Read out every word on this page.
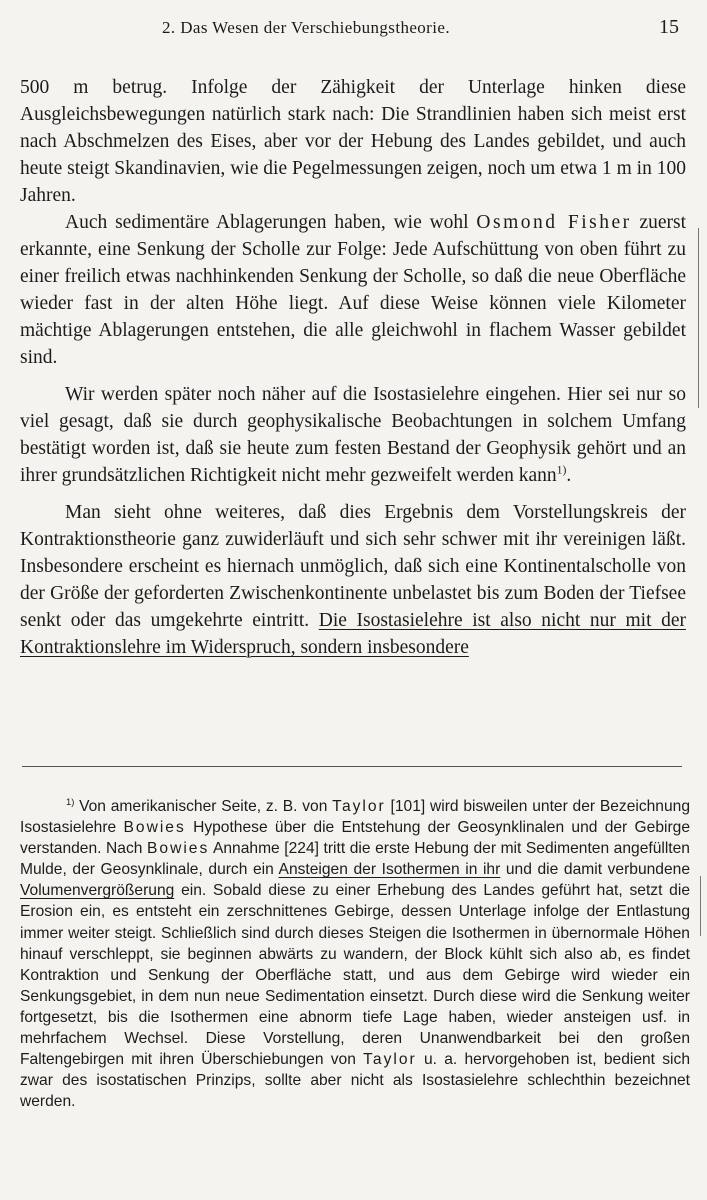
2. Das Wesen der Verschiebungstheorie.	15

500 m betrug. Infolge der Zähigkeit der Unterlage hinken diese Ausgleichsbewegungen natürlich stark nach: Die Strandlinien haben sich meist erst nach Abschmelzen des Eises, aber vor der Hebung des Landes gebildet, und auch heute steigt Skandinavien, wie die Pegelmessungen zeigen, noch um etwa 1 m in 100 Jahren.

Auch sedimentäre Ablagerungen haben, wie wohl Osmond Fisher zuerst erkannte, eine Senkung der Scholle zur Folge: Jede Aufschüttung von oben führt zu einer freilich etwas nachhinkenden Senkung der Scholle, so daß die neue Oberfläche wieder fast in der alten Höhe liegt. Auf diese Weise können viele Kilometer mächtige Ablagerungen entstehen, die alle gleichwohl in flachem Wasser gebildet sind.

Wir werden später noch näher auf die Isostasielehre eingehen. Hier sei nur so viel gesagt, daß sie durch geophysikalische Beobachtungen in solchem Umfang bestätigt worden ist, daß sie heute zum festen Bestand der Geophysik gehört und an ihrer grundsätzlichen Richtigkeit nicht mehr gezweifelt werden kann$^{1)}$.

Man sieht ohne weiteres, daß dies Ergebnis dem Vorstellungskreis der Kontraktionstheorie ganz zuwiderläuft und sich sehr schwer mit ihr vereinigen läßt. Insbesondere erscheint es hiernach unmöglich, daß sich eine Kontinentalscholle von der Größe der geforderten Zwischenkontinente unbelastet bis zum Boden der Tiefsee senkt oder das umgekehrte eintritt. Die Isostasielehre ist also nicht nur mit der Kontraktionslehre im Widerspruch, sondern insbesondere

$^{1)}$ Von amerikanischer Seite, z. B. von Taylor [101] wird bisweilen unter der Bezeichnung Isostasielehre Bowies Hypothese über die Entstehung der Geosynklinalen und der Gebirge verstanden. Nach Bowies Annahme [224] tritt die erste Hebung der mit Sedimenten angefüllten Mulde, der Geosynklinale, durch ein Ansteigen der Isothermen in ihr und die damit verbundene Volumenvergrößerung ein. Sobald diese zu einer Erhebung des Landes geführt hat, setzt die Erosion ein, es entsteht ein zerschnittenes Gebirge, dessen Unterlage infolge der Entlastung immer weiter steigt. Schließlich sind durch dieses Steigen die Isothermen in übernormale Höhen hinauf verschleppt, sie beginnen abwärts zu wandern, der Block kühlt sich also ab, es findet Kontraktion und Senkung der Oberfläche statt, und aus dem Gebirge wird wieder ein Senkungsgebiet, in dem nun neue Sedimentation einsetzt. Durch diese wird die Senkung weiter fortgesetzt, bis die Isothermen eine abnorm tiefe Lage haben, wieder ansteigen usf. in mehrfachem Wechsel. Diese Vorstellung, deren Unanwendbarkeit bei den großen Faltengebirgen mit ihren Überschiebungen von Taylor u. a. hervorgehoben ist, bedient sich zwar des isostatischen Prinzips, sollte aber nicht als Isostasielehre schlechthin bezeichnet werden.
